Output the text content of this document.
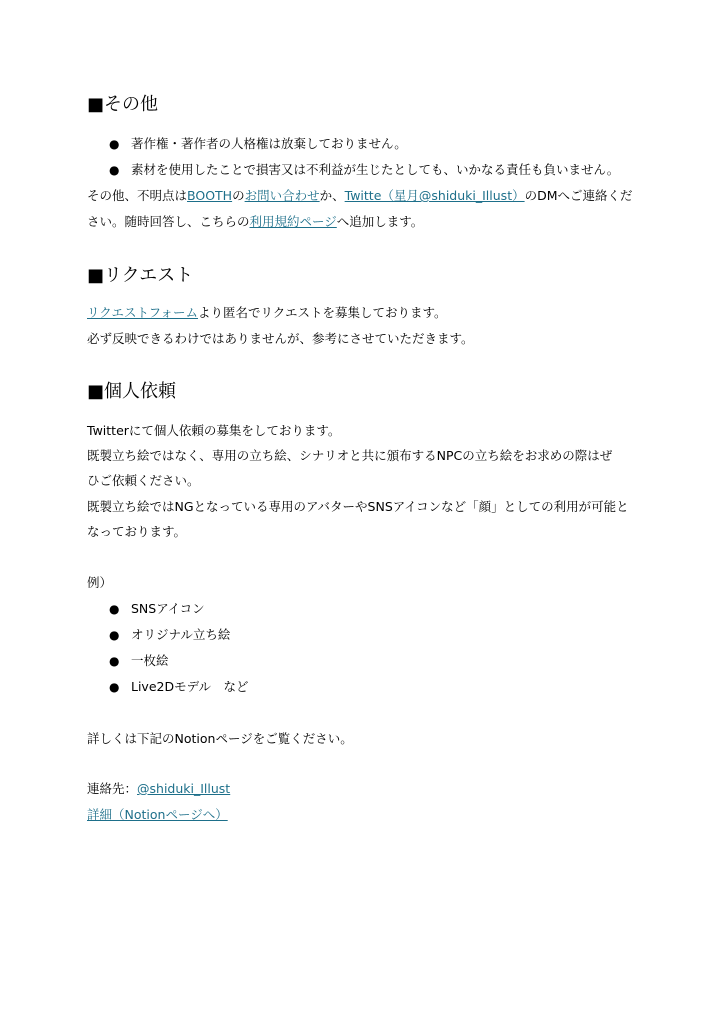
■その他
● 著作権・著作者の人格権は放棄しておりません。
● 素材を使用したことで損害又は不利益が生じたとしても、いかなる責任も負いません。
その他、不明点はBOOTHのお問い合わせか、Twitte（星月@shiduki_Illust）のDMへご連絡くだ
さい。随時回答し、こちらの利用規約ページへ追加します。
■リクエスト
リクエストフォームより匿名でリクエストを募集しております。
必ず反映できるわけではありませんが、参考にさせていただきます。
■個人依頼
Twitterにて個人依頼の募集をしております。
既製立ち絵ではなく、専用の立ち絵、シナリオと共に頒布するNPCの立ち絵をお求めの際はぜ
ひご依頼ください。
既製立ち絵ではNGとなっている専用のアバターやSNSアイコンなど「顔」としての利用が可能と
なっております。
例）
● SNSアイコン
● オリジナル立ち絵
● 一枚絵
● Live2Dモデル　など
詳しくは下記のNotionページをご覧ください。
連絡先：@shiduki_Illust
詳細（Notionページへ）
